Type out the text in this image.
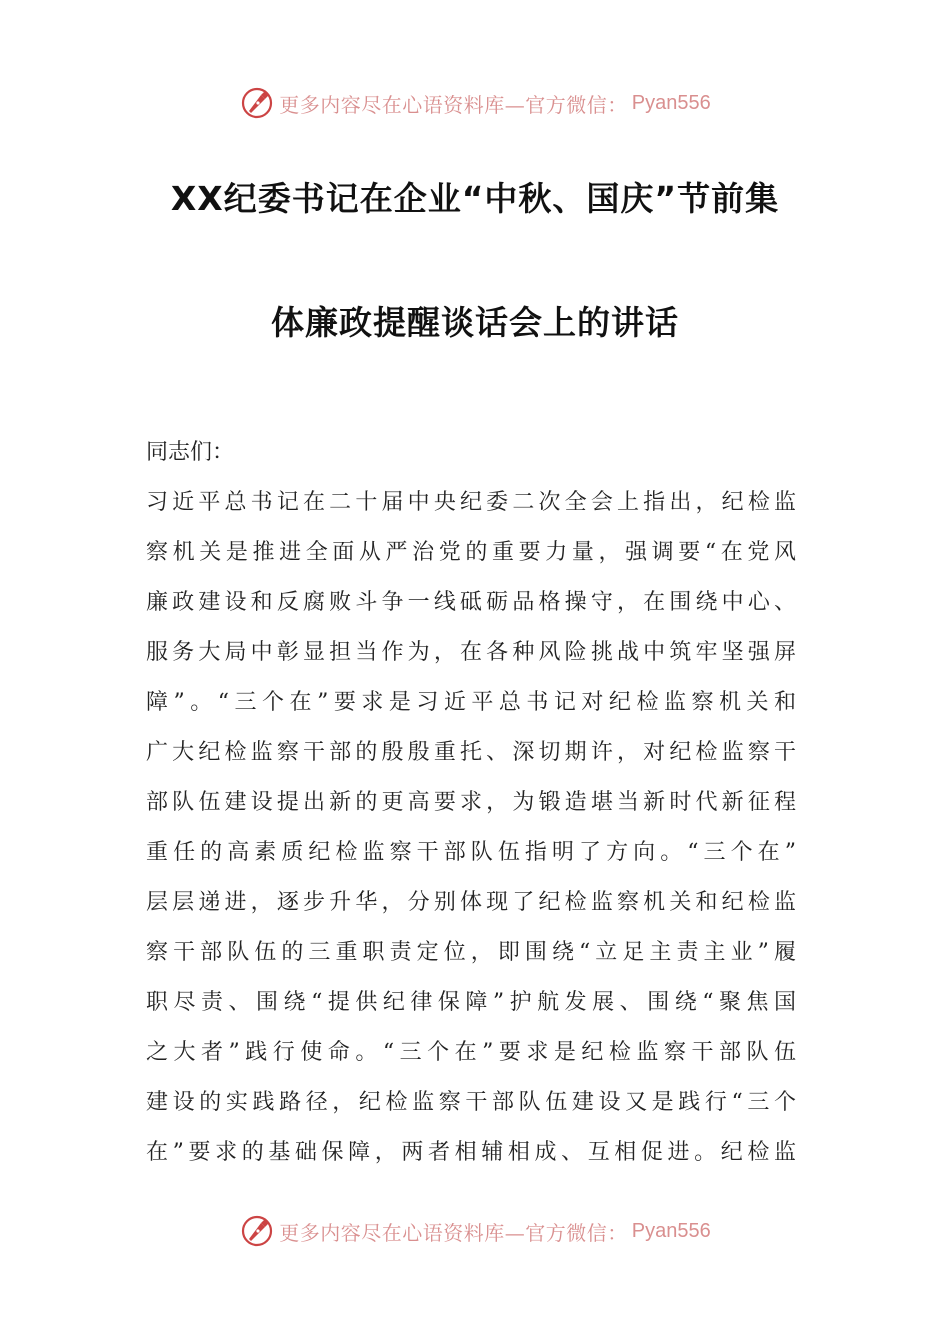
更多内容尽在心语资料库—官方微信： Pyan556
XX纪委书记在企业“中秋、国庆”节前集
体廉政提醒谈话会上的讲话
同志们：
习近平总书记在二十届中央纪委二次全会上指出，纪检监
察机关是推进全面从严治党的重要力量，强调要“在党风
廉政建设和反腐败斗争一线砥砺品格操守，在围绕中心、
服务大局中彰显担当作为，在各种风险挑战中筑牢坚强屏
障”。“三个在”要求是习近平总书记对纪检监察机关和
广大纪检监察干部的殷殷重托、深切期许，对纪检监察干
部队伍建设提出新的更高要求，为锻造堪当新时代新征程
重任的高素质纪检监察干部队伍指明了方向。“三个在”
层层递进，逐步升华，分别体现了纪检监察机关和纪检监
察干部队伍的三重职责定位，即围绕“立足主责主业”履
职尽责、围绕“提供纪律保障”护航发展、围绕“聚焦国
之大者”践行使命。“三个在”要求是纪检监察干部队伍
建设的实践路径，纪检监察干部队伍建设又是践行“三个
在”要求的基础保障，两者相辅相成、互相促进。纪检监
更多内容尽在心语资料库—官方微信： Pyan556
